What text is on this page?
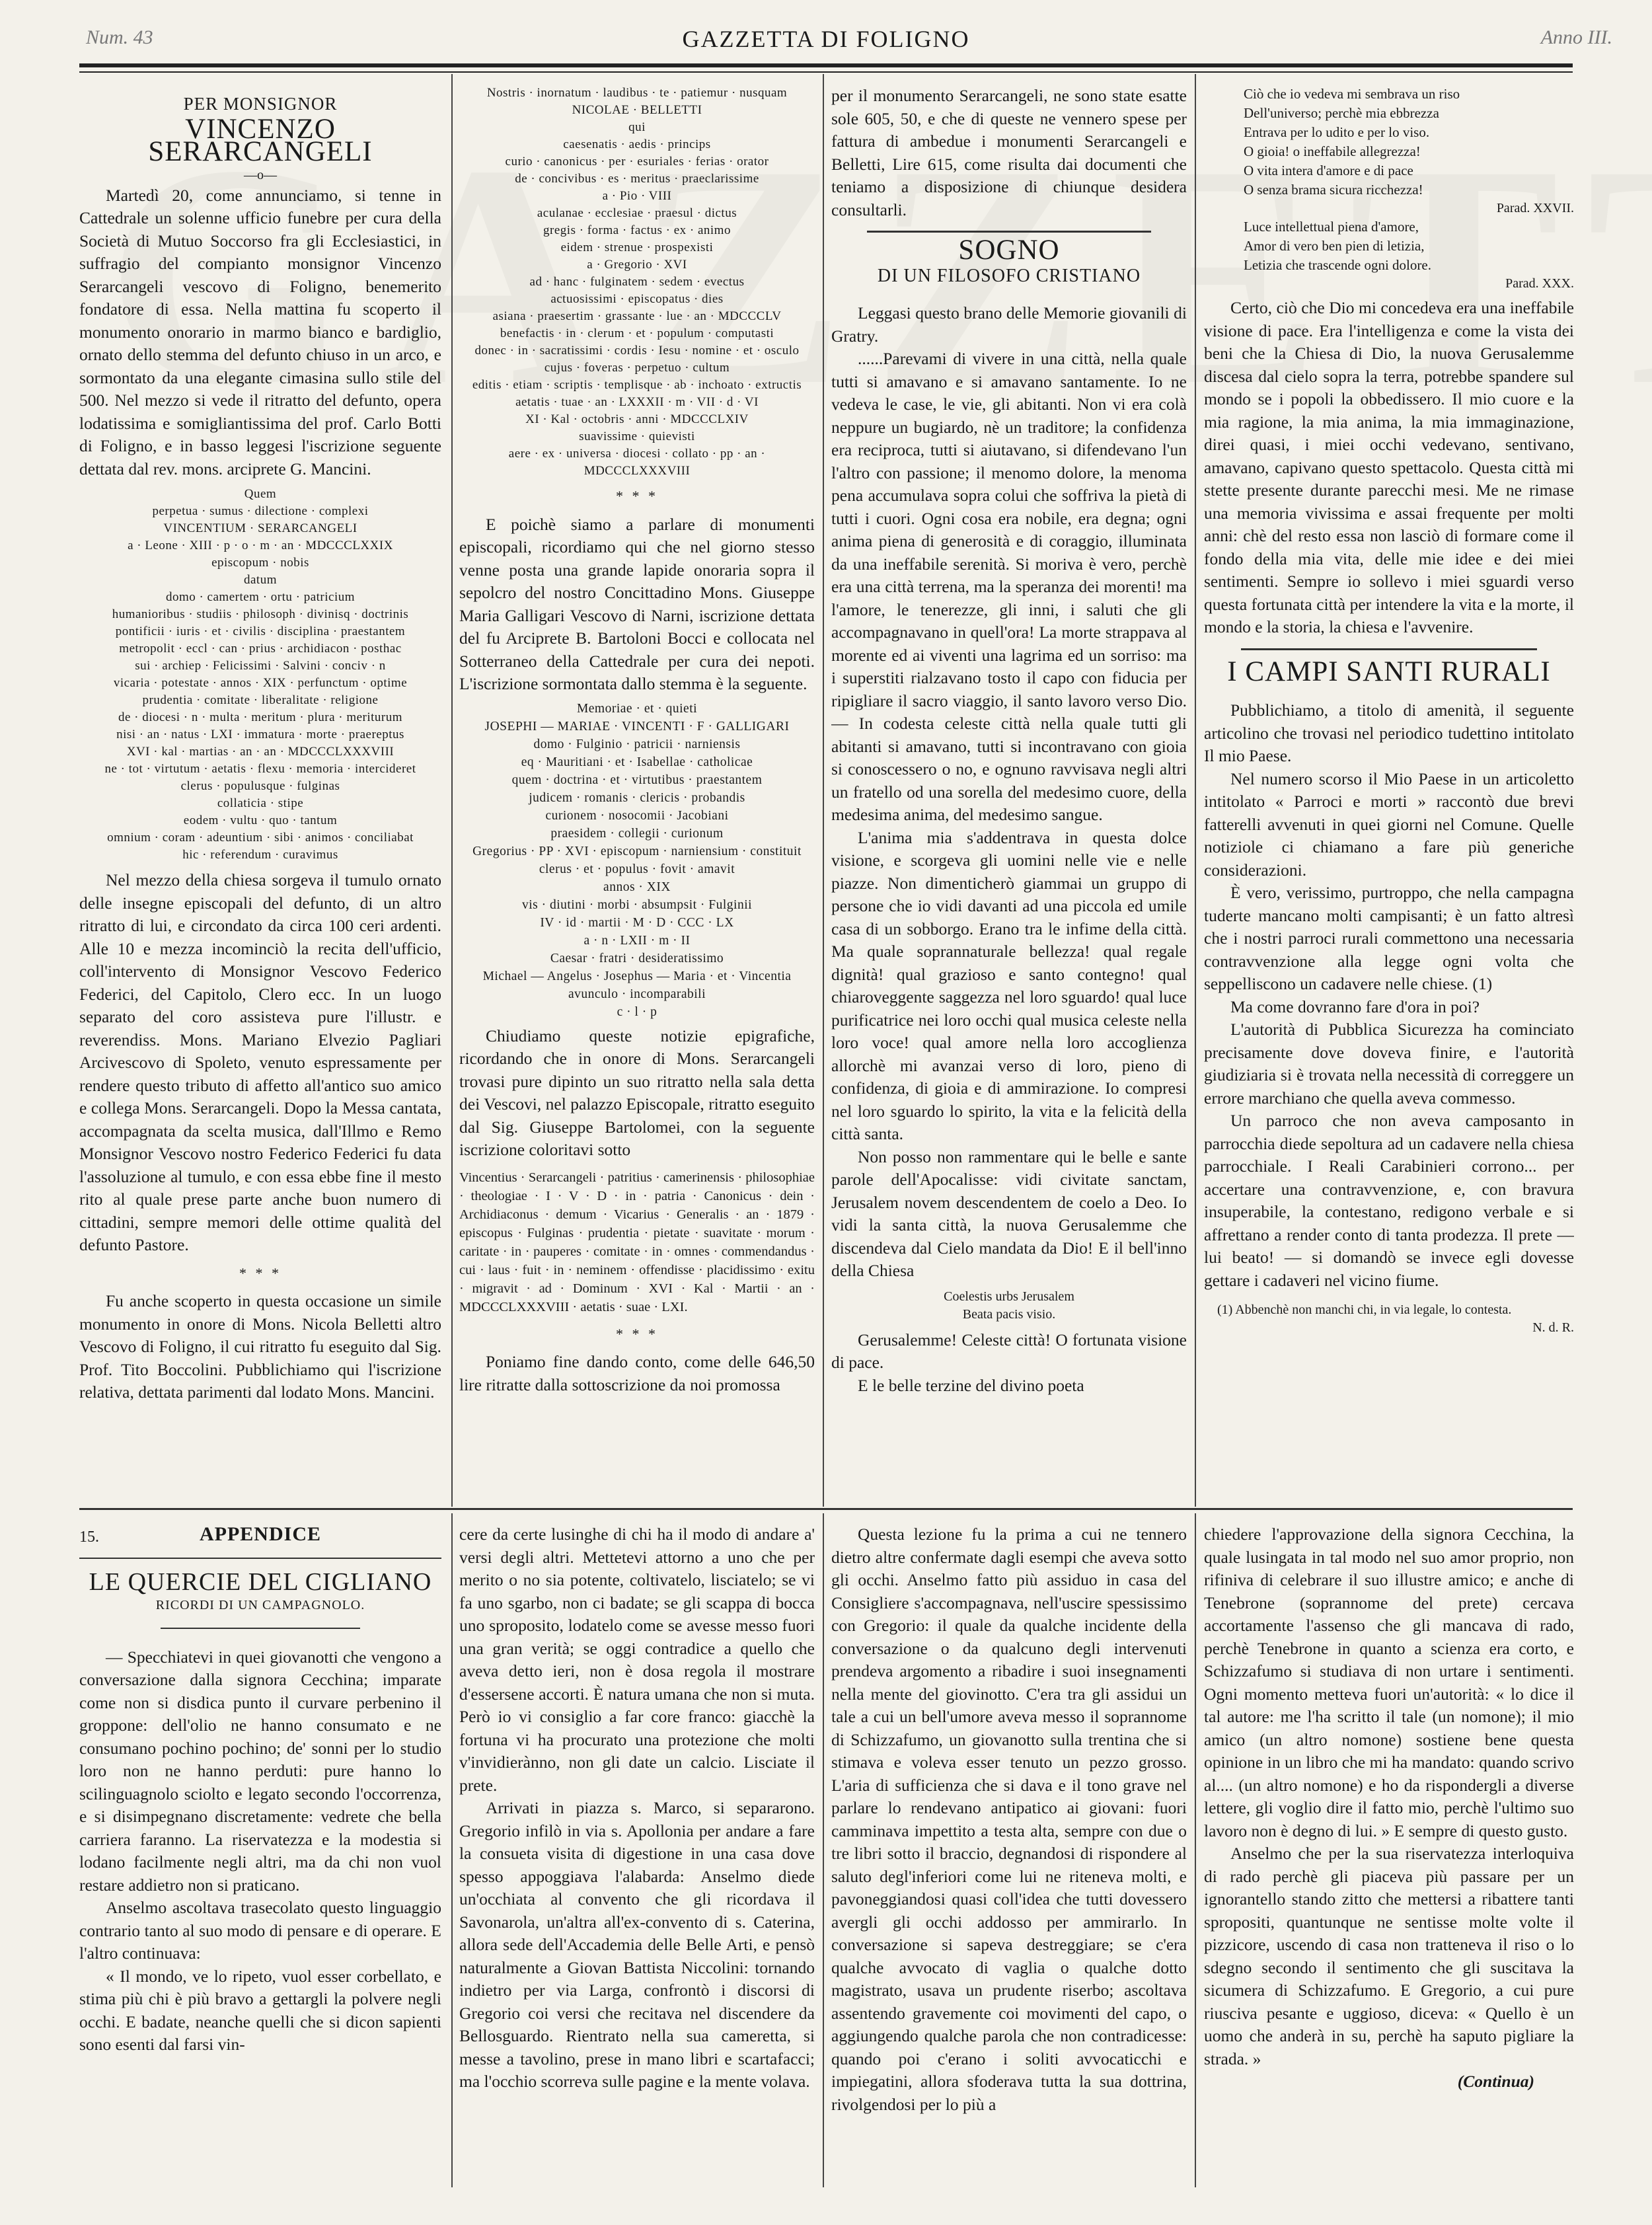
Num. 43	GAZZETTA DI FOLIGNO	Anno III.
PER MONSIGNOR
VINCENZO SERARCANGELI
—o—

Martedì 20, come annunciamo, si tenne in Cattedrale un solenne ufficio funebre per cura della Società di Mutuo Soccorso fra gli Ecclesiastici, in suffragio del compianto monsignor Vincenzo Serarcangeli vescovo di Foligno, benemerito fondatore di essa. Nella mattina fu scoperto il monumento onorario in marmo bianco e bardiglio, ornato dello stemma del defunto chiuso in un arco, e sormontato da una elegante cimasina sullo stile del 500. Nel mezzo si vede il ritratto del defunto, opera lodatissima e somigliantissima del prof. Carlo Botti di Foligno, e in basso leggesi l'iscrizione seguente dettata dal rev. mons. arciprete G. Mancini.

Quem
perpetua · sumus · dilectione · complexi
VINCENTIUM · SERARCANGELI
a · Leone · XIII · p · o · m · an · MDCCCLXXIX
episcopum · nobis
datum
domo · camertem · ortu · patricium
humanioribus · studiis · philosoph · divinisq · doctrinis
pontificii · iuris · et · civilis · disciplina · praestantem
metropolit · eccl · can · prius · archidiacon · posthac
sui · archiep · Felicissimi · Salvini · conciv · n
vicaria · potestate · annos · XIX · perfunctum · optime
prudentia · comitate · liberalitate · religione
de · diocesi · n · multa · meritum · plura · meriturum
nisi · an · natus · LXI · immatura · morte · praereptus
XVI · kal · martias · an · an · MDCCCLXXXVIII
ne · tot · virtutum · aetatis · flexu · memoria · intercideret
clerus · populusque · fulginas
collaticia · stipe
eodem · vultu · quo · tantum
omnium · coram · adeuntium · sibi · animos · conciliabat
hic · referendum · curavimus

Nel mezzo della chiesa sorgeva il tumulo ornato delle insegne episcopali del defunto, di un altro ritratto di lui, e circondato da circa 100 ceri ardenti. Alle 10 e mezza incominciò la recita dell'ufficio, coll'intervento di Monsignor Vescovo Federico Federici, del Capitolo, Clero ecc. In un luogo separato del coro assisteva pure l'illustr. e reverendiss. Mons. Mariano Elvezio Pagliari Arcivescovo di Spoleto, venuto espressamente per rendere questo tributo di affetto all'antico suo amico e collega Mons. Serarcangeli. Dopo la Messa cantata, accompagnata da scelta musica, dall'Illmo e Remo Monsignor Vescovo nostro Federico Federici fu data l'assoluzione al tumulo, e con essa ebbe fine il mesto rito al quale prese parte anche buon numero di cittadini, sempre memori delle ottime qualità del defunto Pastore.

* * *

Fu anche scoperto in questa occasione un simile monumento in onore di Mons. Nicola Belletti altro Vescovo di Foligno, il cui ritratto fu eseguito dal Sig. Prof. Tito Boccolini. Pubblichiamo qui l'iscrizione relativa, dettata parimenti dal lodato Mons. Mancini.

Nostris · inornatum · laudibus · te · patiemur · nusquam
NICOLAE · BELLETTI
qui
caesenatis · aedis · princips
curio · canonicus · per · esuriales · ferias · orator
de · concivibus · es · meritus · praeclarissime
a · Pio · VIII
aculanae · ecclesiae · praesul · dictus
gregis · forma · factus · ex · animo
eidem · strenue · prospexisti
a · Gregorio · XVI
ad · hanc · fulginatem · sedem · evectus
actuosissimi · episcopatus · dies
asiana · praesertim · grassante · lue · an · MDCCCLV
benefactis · in · clerum · et · populum · computasti
donec · in · sacratissimi · cordis · Iesu · nomine · et · osculo
cujus · foveras · perpetuo · cultum
editis · etiam · scriptis · templisque · ab · inchoato · extructis
aetatis · tuae · an · LXXXII · m · VII · d · VI
XI · Kal · octobris · anni · MDCCCLXIV
suavissime · quievisti
aere · ex · universa · diocesi · collato · pp · an · MDCCCLXXXVIII
* * *

E poichè siamo a parlare di monumenti episcopali, ricordiamo qui che nel giorno stesso venne posta una grande lapide onoraria sopra il sepolcro del nostro Concittadino Mons. Giuseppe Maria Galligari Vescovo di Narni, iscrizione dettata del fu Arciprete B. Bartoloni Bocci e collocata nel Sotterraneo della Cattedrale per cura dei nepoti. L'iscrizione sormontata dallo stemma è la seguente.

Memoriae · et · quieti
JOSEPHI — MARIAE · VINCENTI · F · GALLIGARI
domo · Fulginio · patricii · narniensis
eq · Mauritiani · et · Isabellae · catholicae
quem · doctrina · et · virtutibus · praestantem
judicem · romanis · clericis · probandis
curionem · nosocomii · Jacobiani
praesidem · collegii · curionum
Gregorius · PP · XVI · episcopum · narniensium · constituit
clerus · et · populus · fovit · amavit
annos · XIX
vis · diutini · morbi · absumpsit · Fulginii
IV · id · martii · M · D · CCC · LX
a · n · LXII · m · II
Caesar · fratri · desideratissimo
Michael — Angelus · Josephus — Maria · et · Vincentia
avunculo · incomparabili
c · l · p

Chiudiamo queste notizie epigrafiche, ricordando che in onore di Mons. Serarcangeli trovasi pure dipinto un suo ritratto nella sala detta dei Vescovi, nel palazzo Episcopale, ritratto eseguito dal Sig. Giuseppe Bartolomei, con la seguente iscrizione coloritavi sotto

Vincentius · Serarcangeli · patritius · camerinensis · philosophiae · theologiae · I · V · D · in · patria · Canonicus · dein · Archidiaconus · demum · Vicarius · Generalis · an · 1879 · episcopus · Fulginas · prudentia · pietate · suavitate · morum · caritate · in · pauperes · comitate · in · omnes · commendandus · cui · laus · fuit · in · neminem · offendisse · placidissimo · exitu · migravit · ad · Dominum · XVI · Kal · Martii · an · MDCCCLXXXVIII · aetatis · suae · LXI.
* * *

Poniamo fine dando conto, come delle 646,50 lire ritratte dalla sottoscrizione da noi promossa

per il monumento Serarcangeli, ne sono state esatte sole 605, 50, e che di queste ne vennero spese per fattura di ambedue i monumenti Serarcangeli e Belletti, Lire 615, come risulta dai documenti che teniamo a disposizione di chiunque desidera consultarli.

SOGNO
DI UN FILOSOFO CRISTIANO

Leggasi questo brano delle Memorie giovanili di Gratry.

......Parevami di vivere in una città, nella quale tutti si amavano e si amavano santamente. Io ne vedeva le case, le vie, gli abitanti. Non vi era colà neppure un bugiardo, nè un traditore; la confidenza era reciproca, tutti si aiutavano, si difendevano l'un l'altro con passione; il menomo dolore, la menoma pena accumulava sopra colui che soffriva la pietà di tutti i cuori. Ogni cosa era nobile, era degna; ogni anima piena di generosità e di coraggio, illuminata da una ineffabile serenità. Si moriva è vero, perchè era una città terrena, ma la speranza dei morenti! ma l'amore, le tenerezze, gli inni, i saluti che gli accompagnavano in quell'ora! La morte strappava al morente ed ai viventi una lagrima ed un sorriso: ma i superstiti rialzavano tosto il capo con fiducia per ripigliare il sacro viaggio, il santo lavoro verso Dio. — In codesta celeste città nella quale tutti gli abitanti si amavano, tutti si incontravano con gioia si conoscessero o no, e ognuno ravvisava negli altri un fratello od una sorella del medesimo cuore, della medesima anima, del medesimo sangue.

L'anima mia s'addentrava in questa dolce visione, e scorgeva gli uomini nelle vie e nelle piazze. Non dimenticherò giammai un gruppo di persone che io vidi davanti ad una piccola ed umile casa di un sobborgo. Erano tra le infime della città. Ma quale soprannaturale bellezza! qual regale dignità! qual grazioso e santo contegno! qual chiaroveggente saggezza nel loro sguardo! qual luce purificatrice nei loro occhi qual musica celeste nella loro voce! qual amore nella loro accoglienza allorchè mi avanzai verso di loro, pieno di confidenza, di gioia e di ammirazione. Io compresi nel loro sguardo lo spirito, la vita e la felicità della città santa.

Non posso non rammentare qui le belle e sante parole dell'Apocalisse: vidi civitate sanctam, Jerusalem novem descendentem de coelo a Deo. Io vidi la santa città, la nuova Gerusalemme che discendeva dal Cielo mandata da Dio! E il bell'inno della Chiesa

Coelestis urbs Jerusalem
Beata pacis visio.

Gerusalemme! Celeste città! O fortunata visione di pace.

E le belle terzine del divino poeta

Ciò che io vedeva mi sembrava un riso
Dell'universo; perchè mia ebbrezza
Entrava per lo udito e per lo viso.
O gioia! o ineffabile allegrezza!
O vita intera d'amore e di pace
O senza brama sicura ricchezza!
Parad. XXVII.
Luce intellettual piena d'amore,
Amor di vero ben pien di letizia,
Letizia che trascende ogni dolore.
Parad. XXX.

Certo, ciò che Dio mi concedeva era una ineffabile visione di pace. Era l'intelligenza e come la vista dei beni che la Chiesa di Dio, la nuova Gerusalemme discesa dal cielo sopra la terra, potrebbe spandere sul mondo se i popoli la obbedissero. Il mio cuore e la mia ragione, la mia anima, la mia immaginazione, direi quasi, i miei occhi vedevano, sentivano, amavano, capivano questo spettacolo. Questa città mi stette presente durante parecchi mesi. Me ne rimase una memoria vivissima e assai frequente per molti anni: chè del resto essa non lasciò di formare come il fondo della mia vita, delle mie idee e dei miei sentimenti. Sempre io sollevo i miei sguardi verso questa fortunata città per intendere la vita e la morte, il mondo e la storia, la chiesa e l'avvenire.

I CAMPI SANTI RURALI

Pubblichiamo, a titolo di amenità, il seguente articolino che trovasi nel periodico tudettino intitolato Il mio Paese.

Nel numero scorso il Mio Paese in un articoletto intitolato « Parroci e morti » raccontò due brevi fatterelli avvenuti in quei giorni nel Comune. Quelle notiziole ci chiamano a fare più generiche considerazioni.

È vero, verissimo, purtroppo, che nella campagna tuderte mancano molti campisanti; è un fatto altresì che i nostri parroci rurali commettono una necessaria contravvenzione alla legge ogni volta che seppelliscono un cadavere nelle chiese. (1)

Ma come dovranno fare d'ora in poi?

L'autorità di Pubblica Sicurezza ha cominciato precisamente dove doveva finire, e l'autorità giudiziaria si è trovata nella necessità di correggere un errore marchiano che quella aveva commesso.

Un parroco che non aveva camposanto in parrocchia diede sepoltura ad un cadavere nella chiesa parrocchiale. I Reali Carabinieri corrono... per accertare una contravvenzione, e, con bravura insuperabile, la contestano, redigono verbale e si affrettano a render conto di tanta prodezza. Il prete — lui beato! — si domandò se invece egli dovesse gettare i cadaveri nel vicino fiume.

(1) Abbenchè non manchi chi, in via legale, lo contesta.
N. d. R.
15.	APPENDICE
LE QUERCIE DEL CIGLIANO
RICORDI DI UN CAMPAGNOLO.

— Specchiatevi in quei giovanotti che vengono a conversazione dalla signora Cecchina; imparate come non si disdica punto il curvare perbenino il groppone: dell'olio ne hanno consumato e ne consumano pochino pochino; de' sonni per lo studio loro non ne hanno perduti: pure hanno lo scilinguagnolo sciolto e legato secondo l'occorrenza, e si disimpegnano discretamente: vedrete che bella carriera faranno. La riservatezza e la modestia si lodano facilmente negli altri, ma da chi non vuol restare addietro non si praticano.

Anselmo ascoltava trasecolato questo linguaggio contrario tanto al suo modo di pensare e di operare. E l'altro continuava:

« Il mondo, ve lo ripeto, vuol esser corbellato, e stima più chi è più bravo a gettargli la polvere negli occhi. E badate, neanche quelli che si dicon sapienti sono esenti dal farsi vin-

cere da certe lusinghe di chi ha il modo di andare a' versi degli altri. Mettetevi attorno a uno che per merito o no sia potente, coltivatelo, lisciatelo; se vi fa uno sgarbo, non ci badate; se gli scappa di bocca uno sproposito, lodatelo come se avesse messo fuori una gran verità; se oggi contradice a quello che aveva detto ieri, non è dosa regola il mostrare d'essersene accorti. È natura umana che non si muta. Però io vi consiglio a far core franco: giacchè la fortuna vi ha procurato una protezione che molti v'invidierànno, non gli date un calcio. Lisciate il prete.

Arrivati in piazza s. Marco, si separarono. Gregorio infilò in via s. Apollonia per andare a fare la consueta visita di digestione in una casa dove spesso appoggiava l'alabarda: Anselmo diede un'occhiata al convento che gli ricordava il Savonarola, un'altra all'ex-convento di s. Caterina, allora sede dell'Accademia delle Belle Arti, e pensò naturalmente a Giovan Battista Niccolini: tornando indietro per via Larga, confrontò i discorsi di Gregorio coi versi che recitava nel discendere da Bellosguardo. Rientrato nella sua cameretta, si messe a tavolino, prese in mano libri e scartafacci; ma l'occhio scorreva sulle pagine e la mente volava.

Questa lezione fu la prima a cui ne tennero dietro altre confermate dagli esempi che aveva sotto gli occhi. Anselmo fatto più assiduo in casa del Consigliere s'accompagnava, nell'uscire spessissimo con Gregorio: il quale da qualche incidente della conversazione o da qualcuno degli intervenuti prendeva argomento a ribadire i suoi insegnamenti nella mente del giovinotto. C'era tra gli assidui un tale a cui un bell'umore aveva messo il soprannome di Schizzafumo, un giovanotto sulla trentina che si stimava e voleva esser tenuto un pezzo grosso. L'aria di sufficienza che si dava e il tono grave nel parlare lo rendevano antipatico ai giovani: fuori camminava impettito a testa alta, sempre con due o tre libri sotto il braccio, degnandosi di rispondere al saluto degl'inferiori come lui ne riteneva molti, e pavoneggiandosi quasi coll'idea che tutti dovessero avergli gli occhi addosso per ammirarlo. In conversazione si sapeva destreggiare; se c'era qualche avvocato di vaglia o qualche dotto magistrato, usava un prudente riserbo; ascoltava assentendo gravemente coi movimenti del capo, o aggiungendo qualche parola che non contradicesse: quando poi c'erano i soliti avvocaticchi e impiegatini, allora sfoderava tutta la sua dottrina, rivolgendosi per lo più a

chiedere l'approvazione della signora Cecchina, la quale lusingata in tal modo nel suo amor proprio, non rifiniva di celebrare il suo illustre amico; e anche di Tenebrone (soprannome del prete) cercava accortamente l'assenso che gli mancava di rado, perchè Tenebrone in quanto a scienza era corto, e Schizzafumo si studiava di non urtare i sentimenti. Ogni momento metteva fuori un'autorità: « lo dice il tal autore: me l'ha scritto il tale (un nomone); il mio amico (un altro nomone) sostiene bene questa opinione in un libro che mi ha mandato: quando scrivo al.... (un altro nomone) e ho da rispondergli a diverse lettere, gli voglio dire il fatto mio, perchè l'ultimo suo lavoro non è degno di lui. » E sempre di questo gusto.

Anselmo che per la sua riservatezza interloquiva di rado perchè gli piaceva più passare per un ignorantello stando zitto che mettersi a ribattere tanti spropositi, quantunque ne sentisse molte volte il pizzicore, uscendo di casa non tratteneva il riso o lo sdegno secondo il sentimento che gli suscitava la sicumera di Schizzafumo. E Gregorio, a cui pure riusciva pesante e uggioso, diceva: « Quello è un uomo che anderà in su, perchè ha saputo pigliare la strada. »

(Continua)
